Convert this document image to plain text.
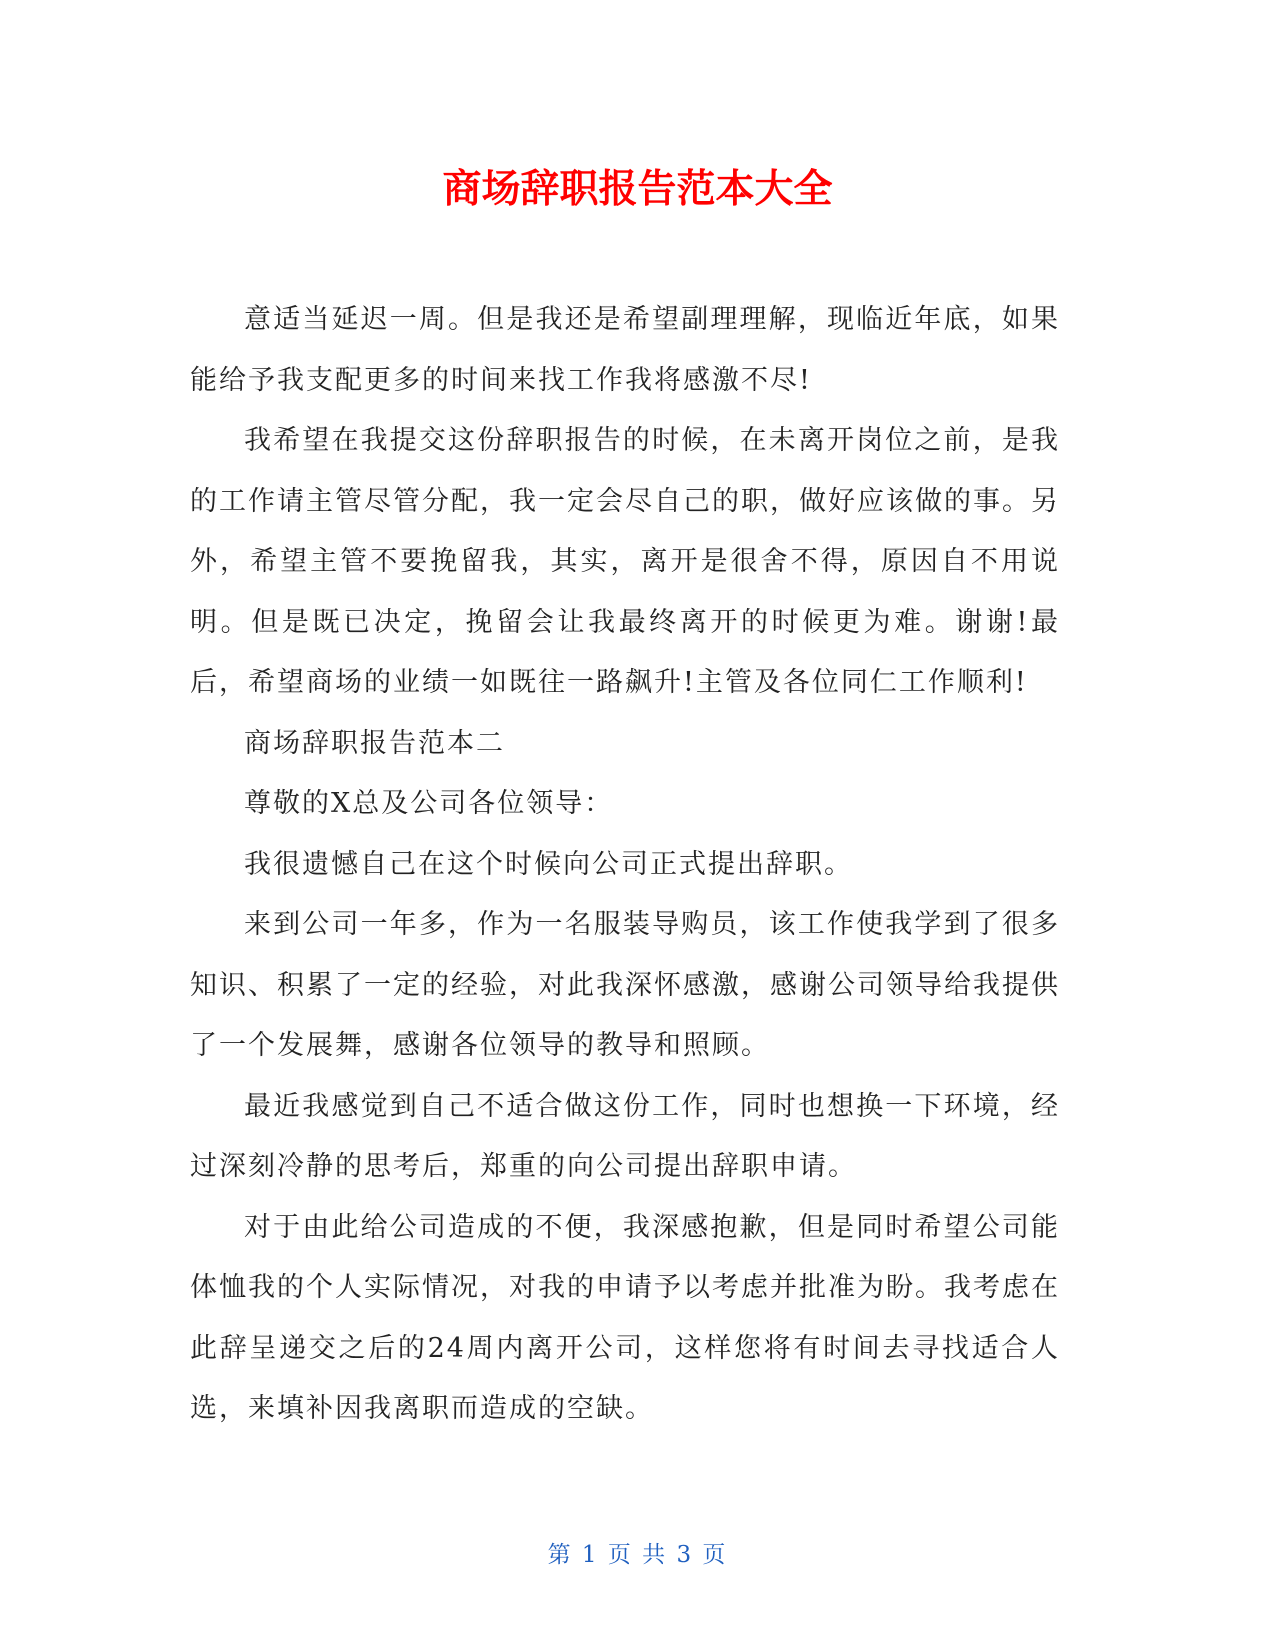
商场辞职报告范本大全

意适当延迟一周。但是我还是希望副理理解，现临近年底，如果能给予我支配更多的时间来找工作我将感激不尽!

我希望在我提交这份辞职报告的时候，在未离开岗位之前，是我的工作请主管尽管分配，我一定会尽自己的职，做好应该做的事。另外，希望主管不要挽留我，其实，离开是很舍不得，原因自不用说明。但是既已决定，挽留会让我最终离开的时候更为难。谢谢!最后，希望商场的业绩一如既往一路飙升!主管及各位同仁工作顺利!

商场辞职报告范本二

尊敬的X总及公司各位领导：

我很遗憾自己在这个时候向公司正式提出辞职。

来到公司一年多，作为一名服装导购员，该工作使我学到了很多知识、积累了一定的经验，对此我深怀感激，感谢公司领导给我提供了一个发展舞，感谢各位领导的教导和照顾。

最近我感觉到自己不适合做这份工作，同时也想换一下环境，经过深刻冷静的思考后，郑重的向公司提出辞职申请。

对于由此给公司造成的不便，我深感抱歉，但是同时希望公司能体恤我的个人实际情况，对我的申请予以考虑并批准为盼。我考虑在此辞呈递交之后的24周内离开公司，这样您将有时间去寻找适合人选，来填补因我离职而造成的空缺。

第 1 页 共 3 页
